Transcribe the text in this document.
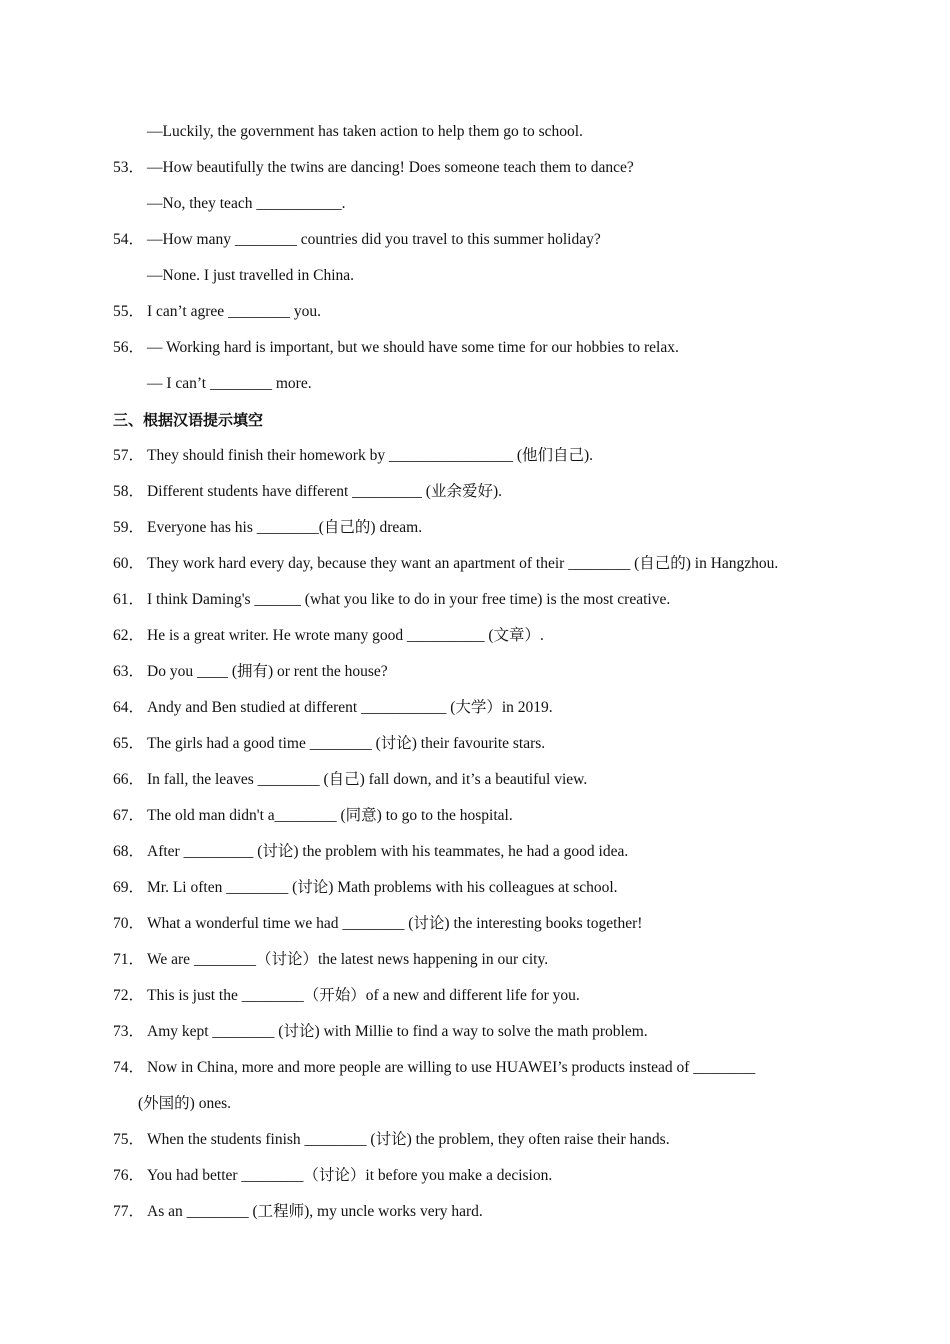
—Luckily, the government has taken action to help them go to school.
53． —How beautifully the twins are dancing! Does someone teach them to dance?
—No, they teach ___________.
54． —How many ________ countries did you travel to this summer holiday?
—None. I just travelled in China.
55． I can’t agree ________ you.
56． — Working hard is important, but we should have some time for our hobbies to relax.
— I can’t ________ more.
三、根据汉语提示填空
57． They should finish their homework by ________________ (他们自己).
58． Different students have different _________ (业余爱好).
59． Everyone has his ________(自己的) dream.
60． They work hard every day, because they want an apartment of their ________ (自己的) in Hangzhou.
61． I think Daming's ______ (what you like to do in your free time) is the most creative.
62． He is a great writer. He wrote many good __________ (文章）.
63． Do you ____ (拥有) or rent the house?
64． Andy and Ben studied at different ___________ (大学）in 2019.
65． The girls had a good time ________ (讨论) their favourite stars.
66． In fall, the leaves ________ (自己) fall down, and it’s a beautiful view.
67． The old man didn't a________ (同意) to go to the hospital.
68． After _________ (讨论) the problem with his teammates, he had a good idea.
69． Mr. Li often ________ (讨论) Math problems with his colleagues at school.
70． What a wonderful time we had ________ (讨论) the interesting books together!
71． We are ________（讨论）the latest news happening in our city.
72． This is just the ________（开始）of a new and different life for you.
73． Amy kept ________ (讨论) with Millie to find a way to solve the math problem.
74． Now in China, more and more people are willing to use HUAWEI’s products instead of ________
(外国的) ones.
75． When the students finish ________ (讨论) the problem, they often raise their hands.
76． You had better ________（讨论）it before you make a decision.
77． As an ________ (工程师), my uncle works very hard.
